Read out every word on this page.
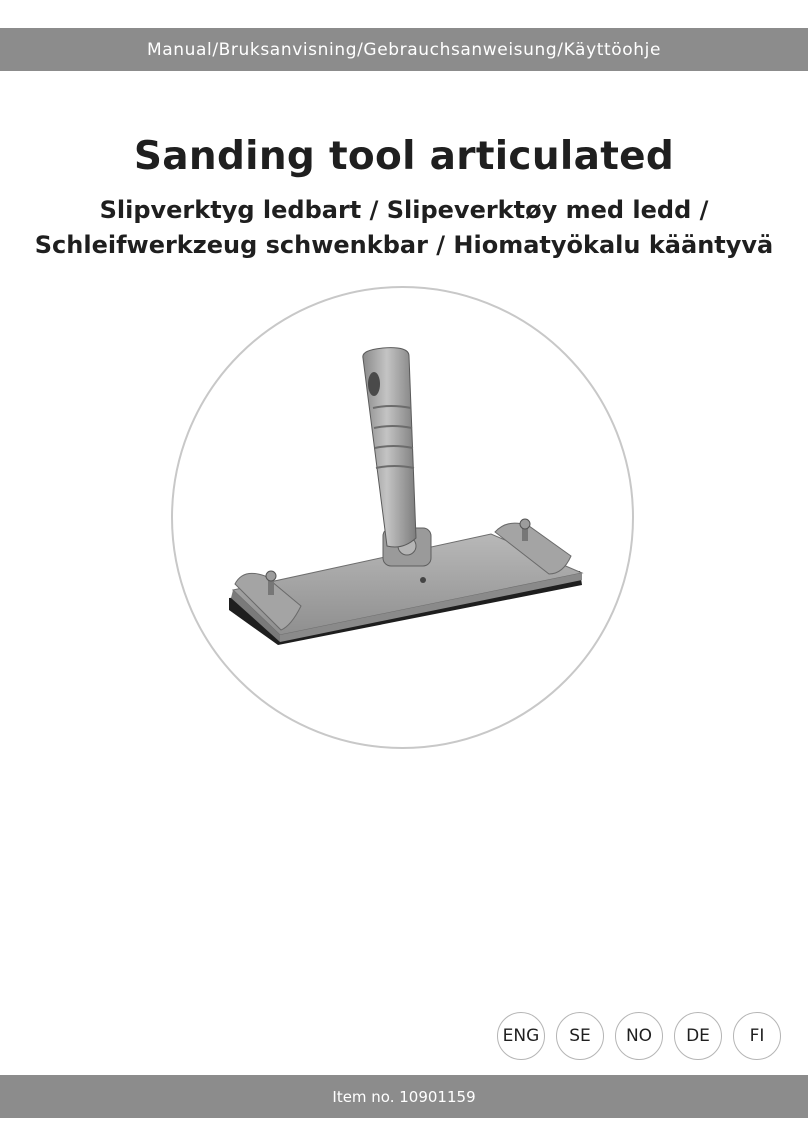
Manual/Bruksanvisning/Gebrauchsanweisung/Käyttöohje
Sanding tool articulated
Slipverktyg ledbart / Slipeverktøy med ledd /
Schleifwerkzeug schwenkbar / Hiomatyökalu kääntyvä
ENG	SE	NO	DE	FI
Item no. 10901159
